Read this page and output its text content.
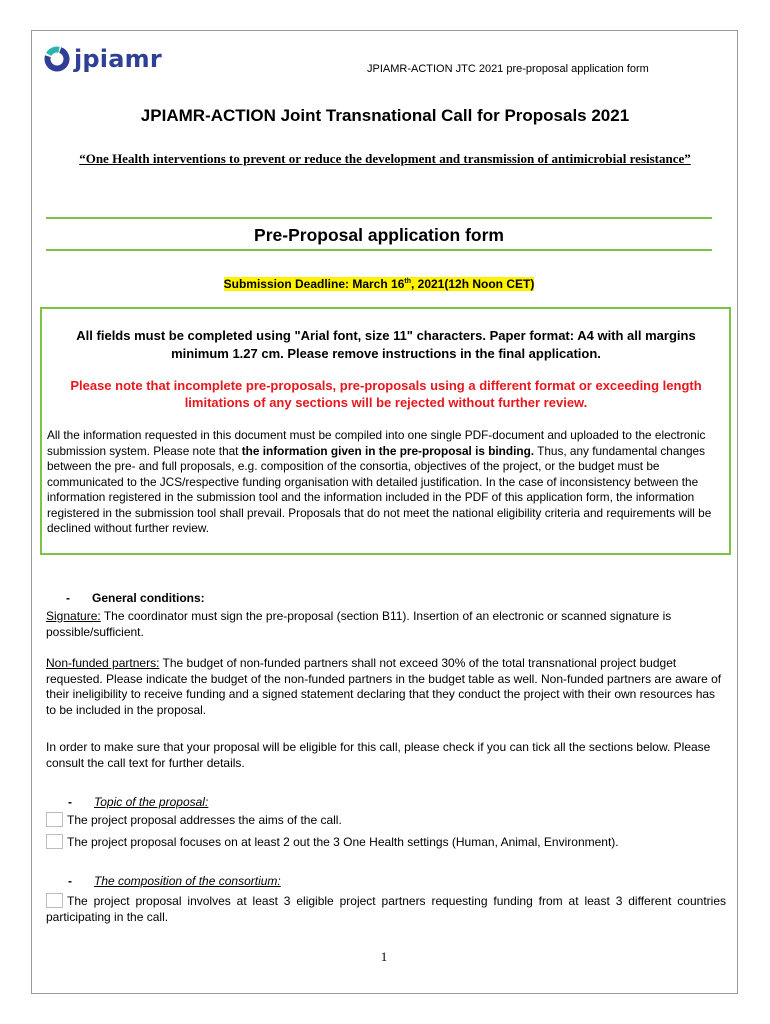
jpiamr	JPIAMR-ACTION JTC 2021 pre-proposal application form
JPIAMR-ACTION Joint Transnational Call for Proposals 2021
“One Health interventions to prevent or reduce the development and transmission of antimicrobial resistance”
Pre-Proposal application form
Submission Deadline: March 16th, 2021(12h Noon CET)
All fields must be completed using "Arial font, size 11" characters. Paper format: A4 with all margins minimum 1.27 cm. Please remove instructions in the final application.
Please note that incomplete pre-proposals, pre-proposals using a different format or exceeding length limitations of any sections will be rejected without further review.
All the information requested in this document must be compiled into one single PDF-document and uploaded to the electronic submission system. Please note that the information given in the pre-proposal is binding. Thus, any fundamental changes between the pre- and full proposals, e.g. composition of the consortia, objectives of the project, or the budget must be communicated to the JCS/respective funding organisation with detailed justification. In the case of inconsistency between the information registered in the submission tool and the information included in the PDF of this application form, the information registered in the submission tool shall prevail. Proposals that do not meet the national eligibility criteria and requirements will be declined without further review.
- General conditions:
Signature: The coordinator must sign the pre-proposal (section B11). Insertion of an electronic or scanned signature is possible/sufficient.
Non-funded partners: The budget of non-funded partners shall not exceed 30% of the total transnational project budget requested. Please indicate the budget of the non-funded partners in the budget table as well. Non-funded partners are aware of their ineligibility to receive funding and a signed statement declaring that they conduct the project with their own resources has to be included in the proposal.
In order to make sure that your proposal will be eligible for this call, please check if you can tick all the sections below. Please consult the call text for further details.
- Topic of the proposal:
The project proposal addresses the aims of the call.
The project proposal focuses on at least 2 out the 3 One Health settings (Human, Animal, Environment).
- The composition of the consortium:
The project proposal involves at least 3 eligible project partners requesting funding from at least 3 different countries participating in the call.
1
